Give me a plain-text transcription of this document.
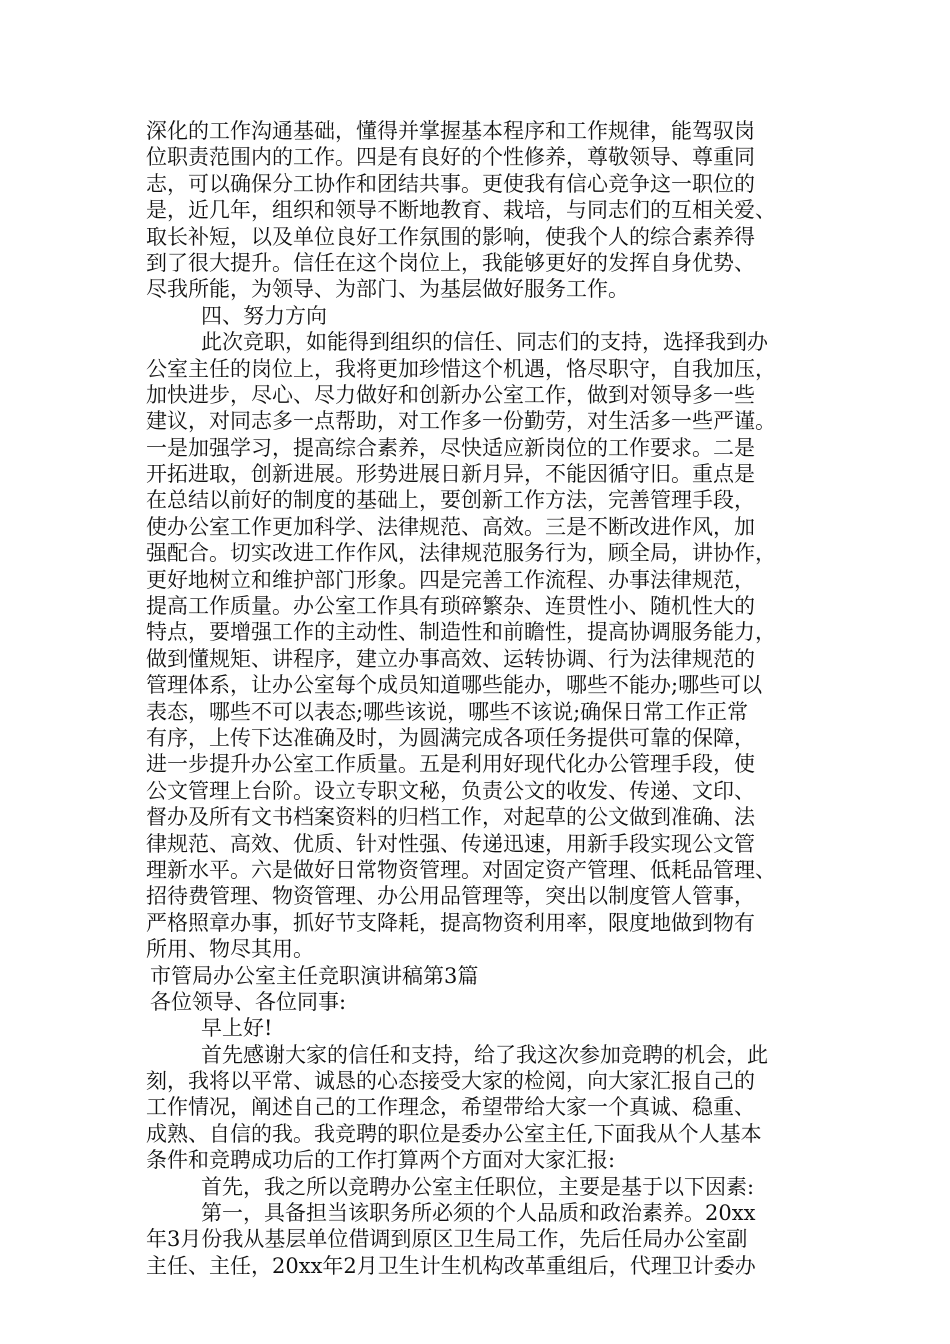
深化的工作沟通基础，懂得并掌握基本程序和工作规律，能驾驭岗
位职责范围内的工作。四是有良好的个性修养，尊敬领导、尊重同
志，可以确保分工协作和团结共事。更使我有信心竞争这一职位的
是，近几年，组织和领导不断地教育、栽培，与同志们的互相关爱、
取长补短，以及单位良好工作氛围的影响，使我个人的综合素养得
到了很大提升。信任在这个岗位上，我能够更好的发挥自身优势、
尽我所能，为领导、为部门、为基层做好服务工作。
四、努力方向
此次竞职，如能得到组织的信任、同志们的支持，选择我到办
公室主任的岗位上，我将更加珍惜这个机遇，恪尽职守，自我加压，
加快进步，尽心、尽力做好和创新办公室工作，做到对领导多一些
建议，对同志多一点帮助，对工作多一份勤劳，对生活多一些严谨。
一是加强学习，提高综合素养，尽快适应新岗位的工作要求。二是
开拓进取，创新进展。形势进展日新月异，不能因循守旧。重点是
在总结以前好的制度的基础上，要创新工作方法，完善管理手段，
使办公室工作更加科学、法律规范、高效。三是不断改进作风，加
强配合。切实改进工作作风，法律规范服务行为，顾全局，讲协作，
更好地树立和维护部门形象。四是完善工作流程、办事法律规范，
提高工作质量。办公室工作具有琐碎繁杂、连贯性小、随机性大的
特点，要增强工作的主动性、制造性和前瞻性，提高协调服务能力，
做到懂规矩、讲程序，建立办事高效、运转协调、行为法律规范的
管理体系，让办公室每个成员知道哪些能办，哪些不能办;哪些可以
表态，哪些不可以表态;哪些该说，哪些不该说;确保日常工作正常
有序，上传下达准确及时，为圆满完成各项任务提供可靠的保障，
进一步提升办公室工作质量。五是利用好现代化办公管理手段，使
公文管理上台阶。设立专职文秘，负责公文的收发、传递、文印、
督办及所有文书档案资料的归档工作，对起草的公文做到准确、法
律规范、高效、优质、针对性强、传递迅速，用新手段实现公文管
理新水平。六是做好日常物资管理。对固定资产管理、低耗品管理、
招待费管理、物资管理、办公用品管理等，突出以制度管人管事，
严格照章办事，抓好节支降耗，提高物资利用率，限度地做到物有
所用、物尽其用。
市管局办公室主任竞职演讲稿第3篇
各位领导、各位同事:
早上好!
首先感谢大家的信任和支持，给了我这次参加竞聘的机会，此
刻，我将以平常、诚恳的心态接受大家的检阅，向大家汇报自己的
工作情况，阐述自己的工作理念，希望带给大家一个真诚、稳重、
成熟、自信的我。我竞聘的职位是委办公室主任,下面我从个人基本
条件和竞聘成功后的工作打算两个方面对大家汇报:
首先，我之所以竞聘办公室主任职位，主要是基于以下因素:
第一，具备担当该职务所必须的个人品质和政治素养。20xx
年3月份我从基层单位借调到原区卫生局工作，先后任局办公室副
主任、主任，20xx年2月卫生计生机构改革重组后，代理卫计委办
